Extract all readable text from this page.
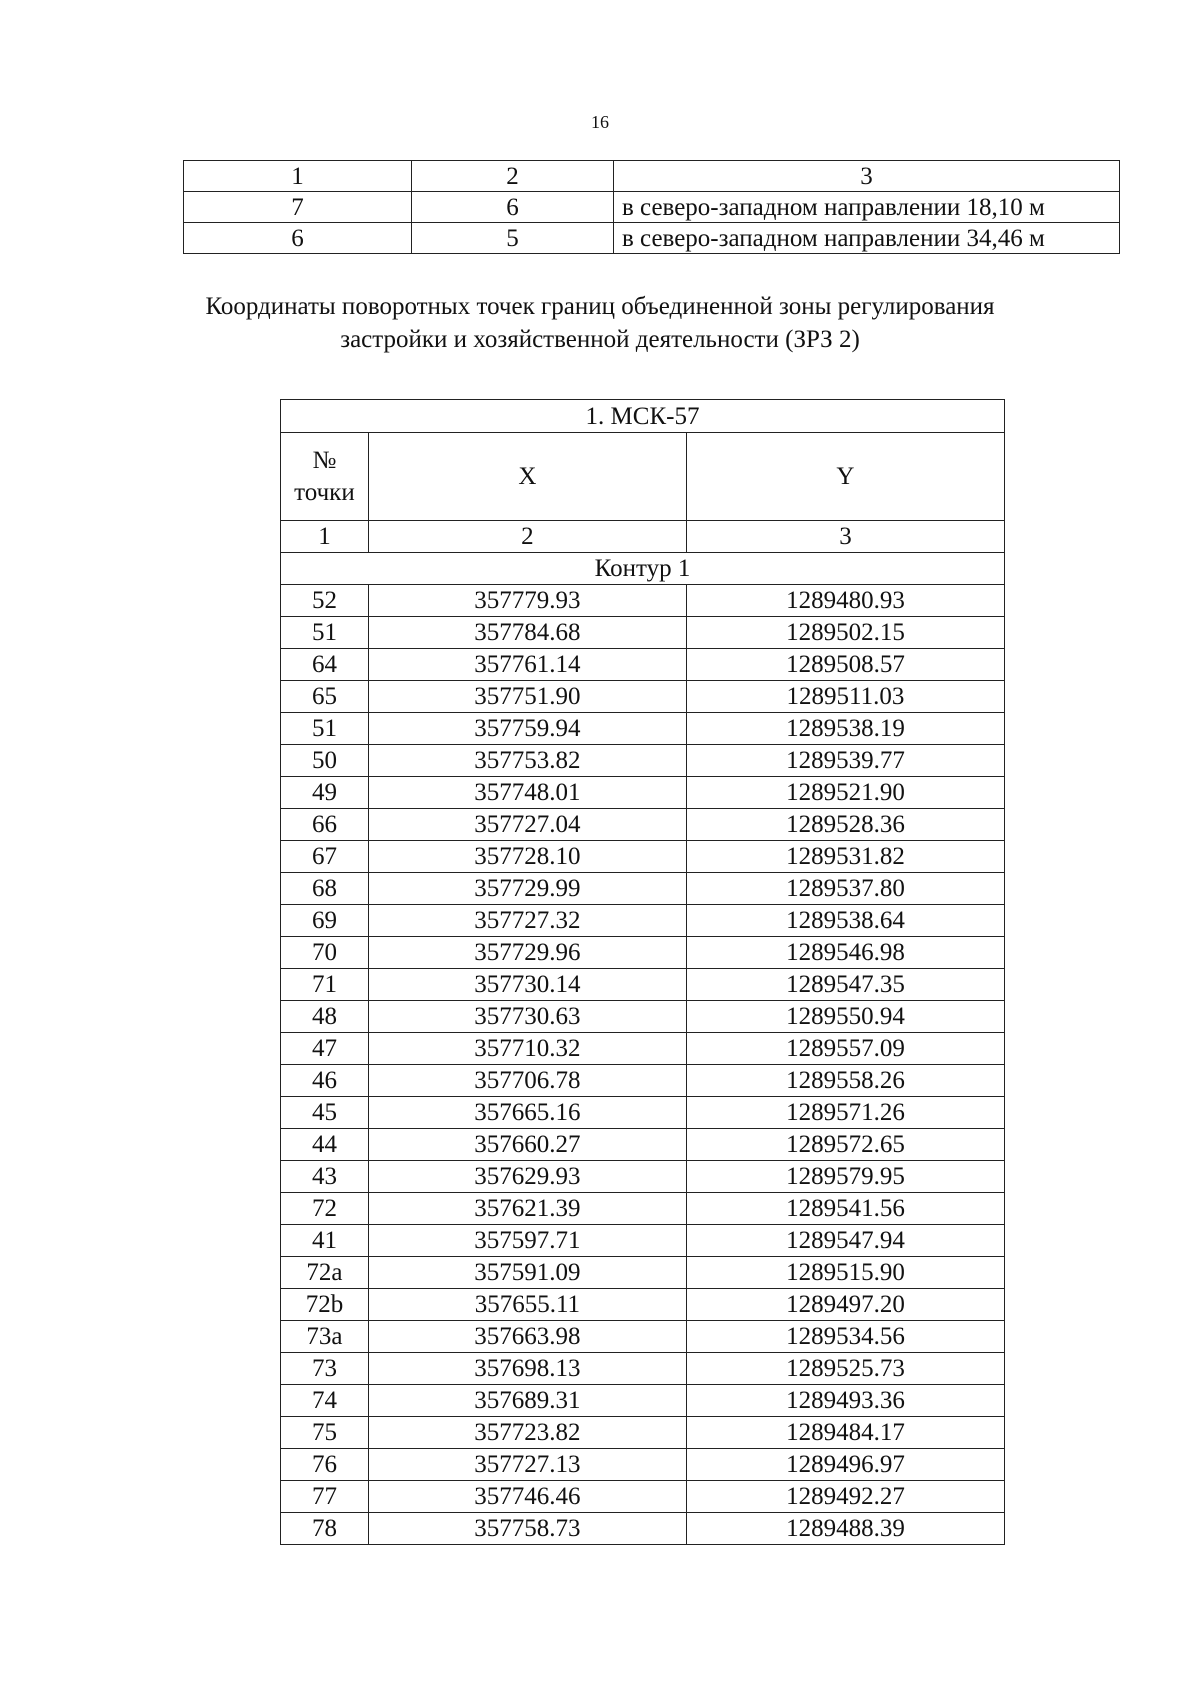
16
1	2	3
7	6	в северо-западном направлении 18,10 м
6	5	в северо-западном направлении 34,46 м
Координаты поворотных точек границ объединенной зоны регулирования
застройки и хозяйственной деятельности (ЗРЗ 2)
1. МСК-57		

№
точки	X	Y
1	2	3
Контур 1		
52	357779.93	1289480.93
51	357784.68	1289502.15
64	357761.14	1289508.57
65	357751.90	1289511.03
51	357759.94	1289538.19
50	357753.82	1289539.77
49	357748.01	1289521.90
66	357727.04	1289528.36
67	357728.10	1289531.82
68	357729.99	1289537.80
69	357727.32	1289538.64
70	357729.96	1289546.98
71	357730.14	1289547.35
48	357730.63	1289550.94
47	357710.32	1289557.09
46	357706.78	1289558.26
45	357665.16	1289571.26
44	357660.27	1289572.65
43	357629.93	1289579.95
72	357621.39	1289541.56
41	357597.71	1289547.94
72a	357591.09	1289515.90
72b	357655.11	1289497.20
73a	357663.98	1289534.56
73	357698.13	1289525.73
74	357689.31	1289493.36
75	357723.82	1289484.17
76	357727.13	1289496.97
77	357746.46	1289492.27
78	357758.73	1289488.39
